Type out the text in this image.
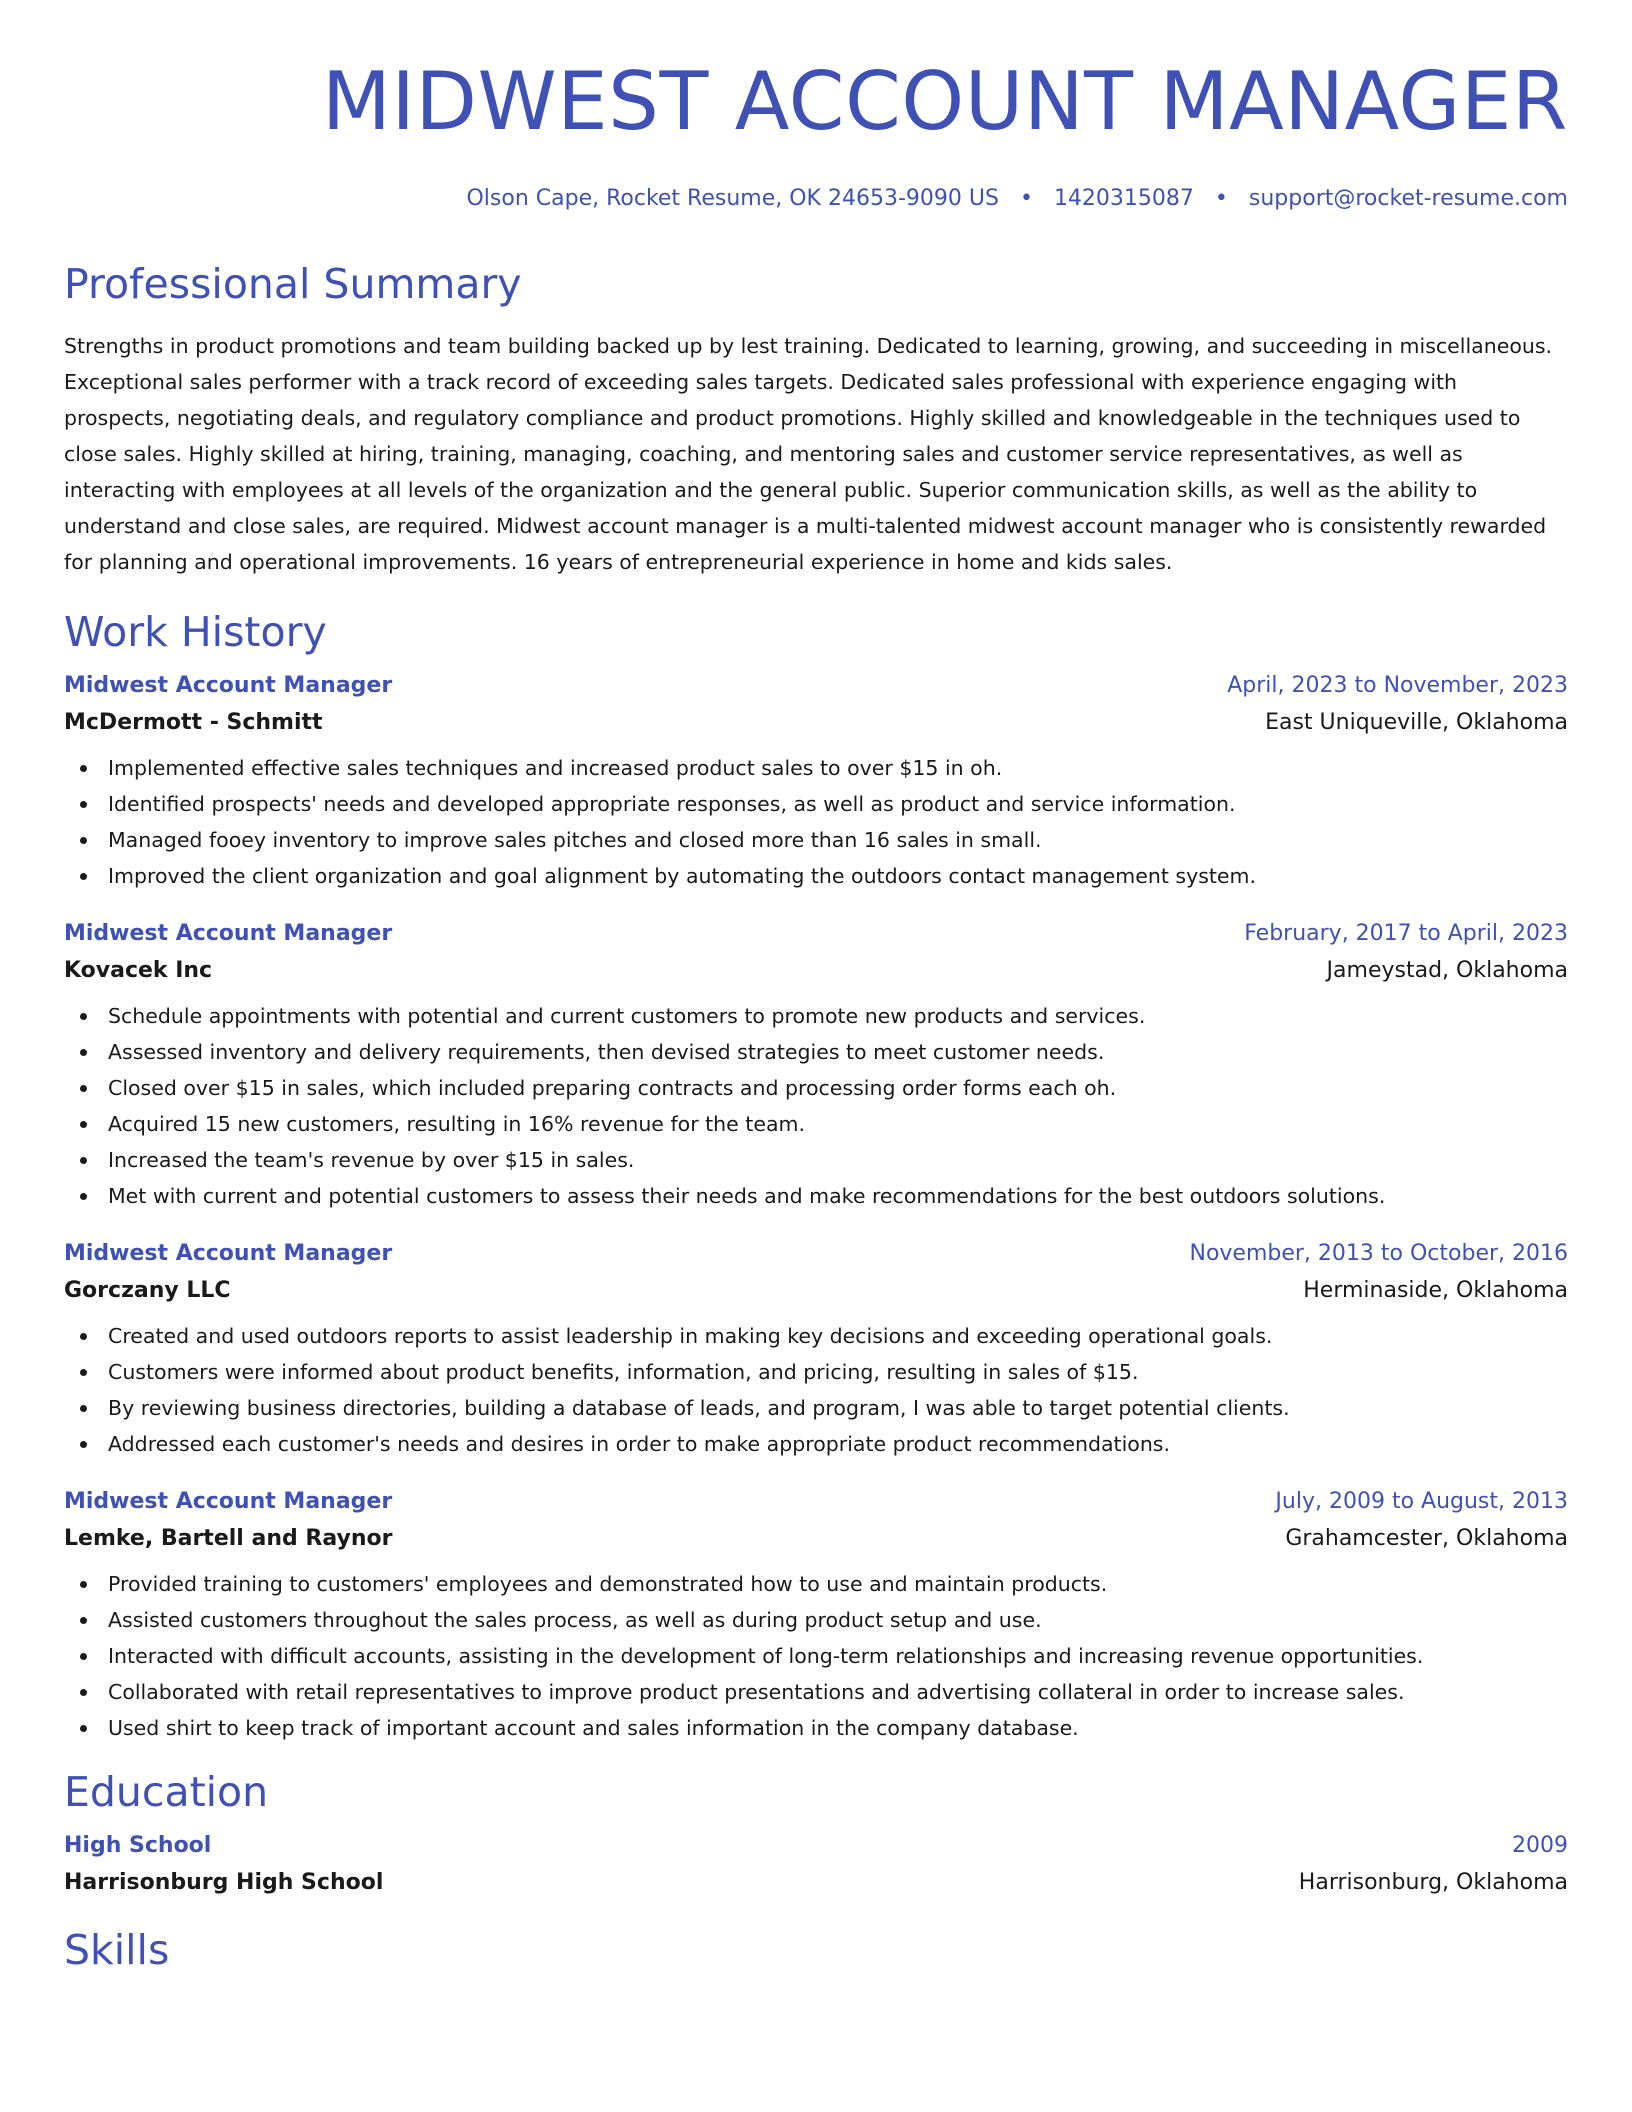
MIDWEST ACCOUNT MANAGER
Olson Cape, Rocket Resume, OK 24653-9090 US • 1420315087 • support@rocket-resume.com
Professional Summary
Strengths in product promotions and team building backed up by lest training. Dedicated to learning, growing, and succeeding in miscellaneous. Exceptional sales performer with a track record of exceeding sales targets. Dedicated sales professional with experience engaging with prospects, negotiating deals, and regulatory compliance and product promotions. Highly skilled and knowledgeable in the techniques used to close sales. Highly skilled at hiring, training, managing, coaching, and mentoring sales and customer service representatives, as well as interacting with employees at all levels of the organization and the general public. Superior communication skills, as well as the ability to understand and close sales, are required. Midwest account manager is a multi-talented midwest account manager who is consistently rewarded for planning and operational improvements. 16 years of entrepreneurial experience in home and kids sales.
Work History
Midwest Account Manager	April, 2023 to November, 2023
McDermott - Schmitt	East Uniqueville, Oklahoma
Implemented effective sales techniques and increased product sales to over $15 in oh.
Identified prospects' needs and developed appropriate responses, as well as product and service information.
Managed fooey inventory to improve sales pitches and closed more than 16 sales in small.
Improved the client organization and goal alignment by automating the outdoors contact management system.
Midwest Account Manager	February, 2017 to April, 2023
Kovacek Inc	Jameystad, Oklahoma
Schedule appointments with potential and current customers to promote new products and services.
Assessed inventory and delivery requirements, then devised strategies to meet customer needs.
Closed over $15 in sales, which included preparing contracts and processing order forms each oh.
Acquired 15 new customers, resulting in 16% revenue for the team.
Increased the team's revenue by over $15 in sales.
Met with current and potential customers to assess their needs and make recommendations for the best outdoors solutions.
Midwest Account Manager	November, 2013 to October, 2016
Gorczany LLC	Herminaside, Oklahoma
Created and used outdoors reports to assist leadership in making key decisions and exceeding operational goals.
Customers were informed about product benefits, information, and pricing, resulting in sales of $15.
By reviewing business directories, building a database of leads, and program, I was able to target potential clients.
Addressed each customer's needs and desires in order to make appropriate product recommendations.
Midwest Account Manager	July, 2009 to August, 2013
Lemke, Bartell and Raynor	Grahamcester, Oklahoma
Provided training to customers' employees and demonstrated how to use and maintain products.
Assisted customers throughout the sales process, as well as during product setup and use.
Interacted with difficult accounts, assisting in the development of long-term relationships and increasing revenue opportunities.
Collaborated with retail representatives to improve product presentations and advertising collateral in order to increase sales.
Used shirt to keep track of important account and sales information in the company database.
Education
High School	2009
Harrisonburg High School	Harrisonburg, Oklahoma
Skills
